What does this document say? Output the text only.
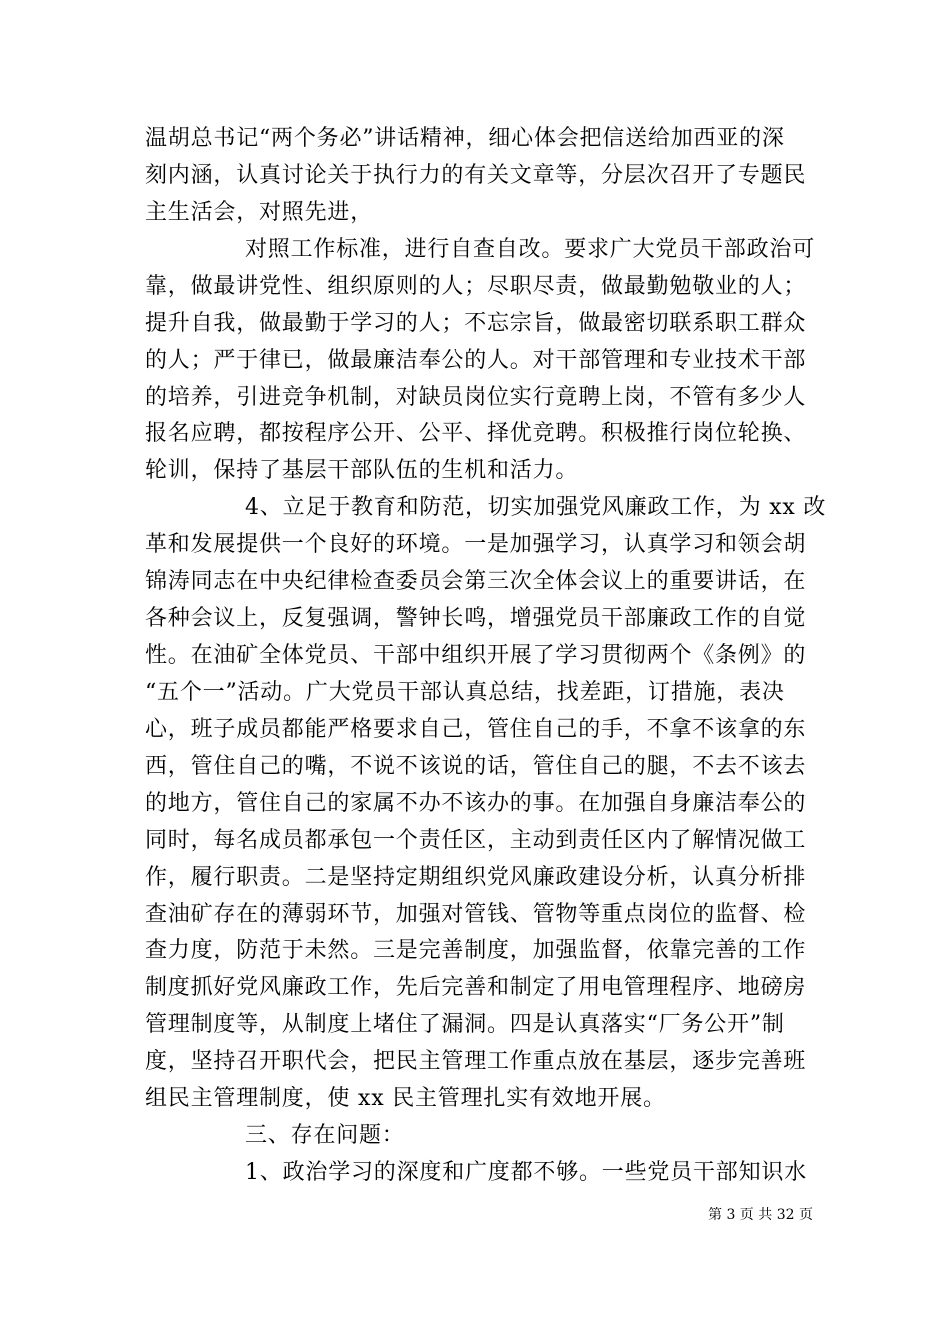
温胡总书记“两个务必”讲话精神，细心体会把信送给加西亚的深
刻内涵，认真讨论关于执行力的有关文章等，分层次召开了专题民
主生活会，对照先进，
对照工作标准，进行自查自改。要求广大党员干部政治可
靠，做最讲党性、组织原则的人；尽职尽责，做最勤勉敬业的人；
提升自我，做最勤于学习的人；不忘宗旨，做最密切联系职工群众
的人；严于律已，做最廉洁奉公的人。对干部管理和专业技术干部
的培养，引进竞争机制，对缺员岗位实行竟聘上岗，不管有多少人
报名应聘，都按程序公开、公平、择优竞聘。积极推行岗位轮换、
轮训，保持了基层干部队伍的生机和活力。
4、立足于教育和防范，切实加强党风廉政工作，为 xx 改
革和发展提供一个良好的环境。一是加强学习，认真学习和领会胡
锦涛同志在中央纪律检查委员会第三次全体会议上的重要讲话，在
各种会议上，反复强调，警钟长鸣，增强党员干部廉政工作的自觉
性。在油矿全体党员、干部中组织开展了学习贯彻两个《条例》的
“五个一”活动。广大党员干部认真总结，找差距，订措施，表决
心，班子成员都能严格要求自己，管住自己的手，不拿不该拿的东
西，管住自己的嘴，不说不该说的话，管住自己的腿，不去不该去
的地方，管住自己的家属不办不该办的事。在加强自身廉洁奉公的
同时，每名成员都承包一个责任区，主动到责任区内了解情况做工
作，履行职责。二是坚持定期组织党风廉政建设分析，认真分析排
查油矿存在的薄弱环节，加强对管钱、管物等重点岗位的监督、检
查力度，防范于未然。三是完善制度，加强监督，依靠完善的工作
制度抓好党风廉政工作，先后完善和制定了用电管理程序、地磅房
管理制度等，从制度上堵住了漏洞。四是认真落实“厂务公开”制
度，坚持召开职代会，把民主管理工作重点放在基层，逐步完善班
组民主管理制度，使 xx 民主管理扎实有效地开展。
三、存在问题：
1、政治学习的深度和广度都不够。一些党员干部知识水
第 3 页 共 32 页
